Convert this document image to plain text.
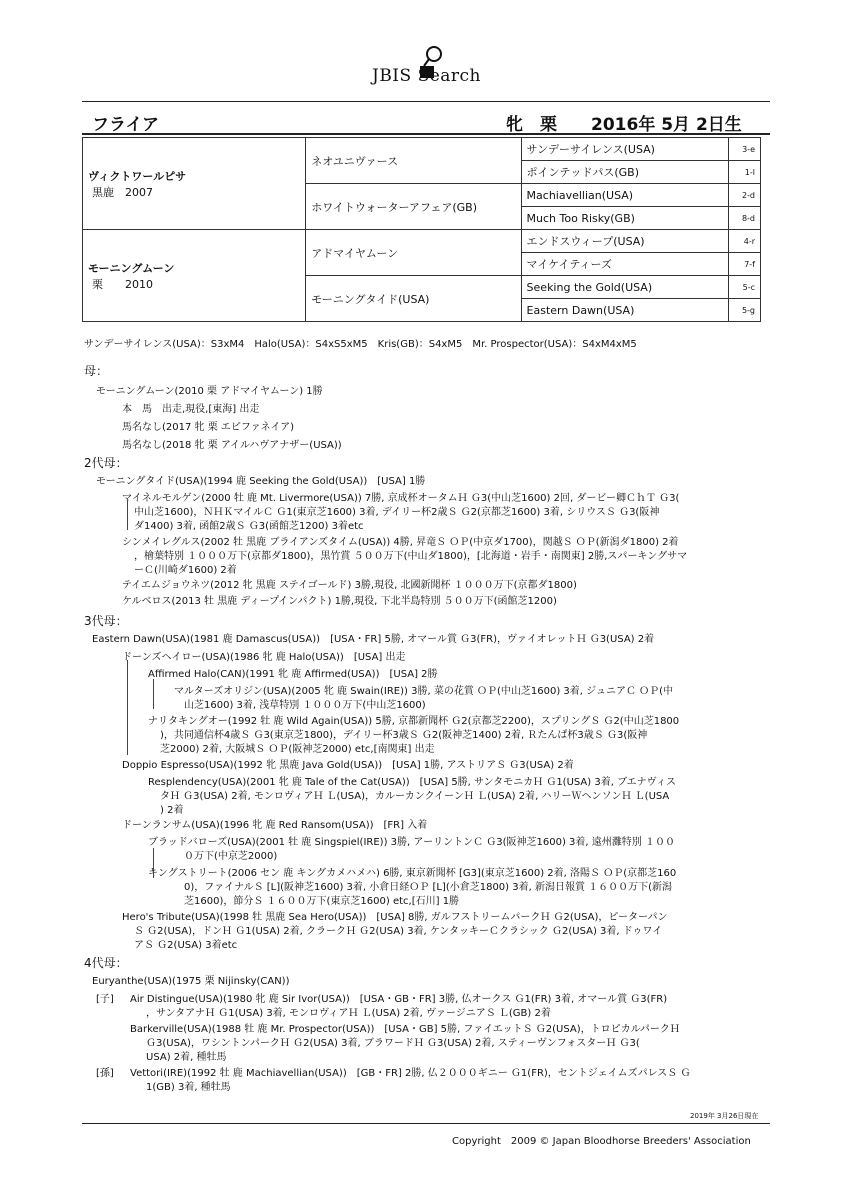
JBIS Search
フライア	牝　栗　　2016年 5月 2日生
ヴィクトワールピサ
黒鹿　2007	ネオユニヴァース	サンデーサイレンス(USA)	3-e
		ポインテッドパス(GB)	1-l
	ホワイトウォーターアフェア(GB)	Machiavellian(USA)	2-d
		Much Too Risky(GB)	8-d

モーニングムーン
栗　　2010	アドマイヤムーン	エンドスウィープ(USA)	4-r
		マイケイティーズ	7-f
	モーニングタイド(USA)	Seeking the Gold(USA)	5-c
		Eastern Dawn(USA)	5-g
サンデーサイレンス(USA)：S3xM4　Halo(USA)：S4xS5xM5　Kris(GB)：S4xM5　Mr. Prospector(USA)：S4xM4xM5
母：
モーニングムーン(2010 栗 アドマイヤムーン) 1勝
本　馬　出走,現役,[東海] 出走
馬名なし(2017 牝 栗 エピファネイア)
馬名なし(2018 牝 栗 アイルハヴアナザー(USA))
2代母：
モーニングタイド(USA)(1994 鹿 Seeking the Gold(USA))　[USA] 1勝
マイネルモルゲン(2000 牡 鹿 Mt. Livermore(USA)) 7勝, 京成杯オータムＨ Ｇ3(中山芝1600) 2回, ダービー卿ＣｈＴ Ｇ3(
中山芝1600)，ＮＨＫマイルＣ Ｇ1(東京芝1600) 3着, デイリー杯2歳Ｓ Ｇ2(京都芝1600) 3着, シリウスＳ Ｇ3(阪神
ダ1400) 3着, 函館2歳Ｓ Ｇ3(函館芝1200) 3着etc
シンメイレグルス(2002 牡 黒鹿 ブライアンズタイム(USA)) 4勝, 昇竜Ｓ ＯＰ(中京ダ1700)，関越Ｓ ＯＰ(新潟ダ1800) 2着
，檜葉特別 １０００万下(京都ダ1800)，黒竹賞 ５００万下(中山ダ1800)，[北海道・岩手・南関東] 2勝,スパーキングサマ
ーＣ(川崎ダ1600) 2着
テイエムジョウネツ(2012 牝 黒鹿 ステイゴールド) 3勝,現役, 北國新聞杯 １０００万下(京都ダ1800)
ケルベロス(2013 牡 黒鹿 ディープインパクト) 1勝,現役, 下北半島特別 ５００万下(函館芝1200)
3代母：
Eastern Dawn(USA)(1981 鹿 Damascus(USA))　[USA・FR] 5勝, オマール賞 Ｇ3(FR)，ヴァイオレットＨ Ｇ3(USA) 2着
ドーンズヘイロー(USA)(1986 牝 鹿 Halo(USA))　[USA] 出走
Affirmed Halo(CAN)(1991 牝 鹿 Affirmed(USA))　[USA] 2勝
マルターズオリジン(USA)(2005 牝 鹿 Swain(IRE)) 3勝, 菜の花賞 ＯＰ(中山芝1600) 3着, ジュニアＣ ＯＰ(中
山芝1600) 3着, 浅草特別 １０００万下(中山芝1600)
ナリタキングオー(1992 牡 鹿 Wild Again(USA)) 5勝, 京都新聞杯 Ｇ2(京都芝2200)，スプリングＳ Ｇ2(中山芝1800
)，共同通信杯4歳Ｓ Ｇ3(東京芝1800)，デイリー杯3歳Ｓ Ｇ2(阪神芝1400) 2着, Ｒたんぱ杯3歳Ｓ Ｇ3(阪神
芝2000) 2着, 大阪城Ｓ ＯＰ(阪神芝2000) etc,[南関東] 出走
Doppio Espresso(USA)(1992 牝 黒鹿 Java Gold(USA))　[USA] 1勝, アストリアＳ Ｇ3(USA) 2着
Resplendency(USA)(2001 牝 鹿 Tale of the Cat(USA))　[USA] 5勝, サンタモニカＨ Ｇ1(USA) 3着, ブエナヴィス
タＨ Ｇ3(USA) 2着, モンロヴィアＨ Ｌ(USA)，カルーカンクイーンＨ Ｌ(USA) 2着, ハリーＷヘンソンＨ Ｌ(USA
) 2着
ドーンランサム(USA)(1996 牝 鹿 Red Ransom(USA))　[FR] 入着
ブラッドバローズ(USA)(2001 牡 鹿 Singspiel(IRE)) 3勝, アーリントンＣ Ｇ3(阪神芝1600) 3着, 遠州灘特別 １００
０万下(中京芝2000)
キングストリート(2006 セン 鹿 キングカメハメハ) 6勝, 東京新聞杯 [G3](東京芝1600) 2着, 洛陽Ｓ ＯＰ(京都芝160
0)，ファイナルＳ [L](阪神芝1600) 3着, 小倉日経ＯＰ [L](小倉芝1800) 3着, 新潟日報賞 １６００万下(新潟
芝1600)，節分Ｓ １６００万下(東京芝1600) etc,[石川] 1勝
Hero's Tribute(USA)(1998 牡 黒鹿 Sea Hero(USA))　[USA] 8勝, ガルフストリームパークＨ Ｇ2(USA)，ピーターパン
Ｓ Ｇ2(USA)，ドンＨ Ｇ1(USA) 2着, クラークＨ Ｇ2(USA) 3着, ケンタッキーＣクラシック Ｇ2(USA) 3着, ドゥワイ
アＳ Ｇ2(USA) 3着etc
4代母：
Euryanthe(USA)(1975 栗 Nijinsky(CAN))
[子] Air Distingue(USA)(1980 牝 鹿 Sir Ivor(USA))　[USA・GB・FR] 3勝, 仏オークス Ｇ1(FR) 3着, オマール賞 Ｇ3(FR)
，サンタアナＨ Ｇ1(USA) 3着, モンロヴィアＨ Ｌ(USA) 2着, ヴァージニアＳ Ｌ(GB) 2着
Barkerville(USA)(1988 牡 鹿 Mr. Prospector(USA))　[USA・GB] 5勝, ファイエットＳ Ｇ2(USA)，トロピカルパークＨ
Ｇ3(USA)，ワシントンパークＨ Ｇ2(USA) 3着, ブラワードＨ Ｇ3(USA) 2着, スティーヴンフォスターＨ Ｇ3(
USA) 2着, 種牡馬
[孫] Vettori(IRE)(1992 牡 鹿 Machiavellian(USA))　[GB・FR] 2勝, 仏２０００ギニー Ｇ1(FR)，セントジェイムズパレスＳ Ｇ
1(GB) 3着, 種牡馬
2019年 3月26日現在
Copyright　2009 © Japan Bloodhorse Breeders' Association
